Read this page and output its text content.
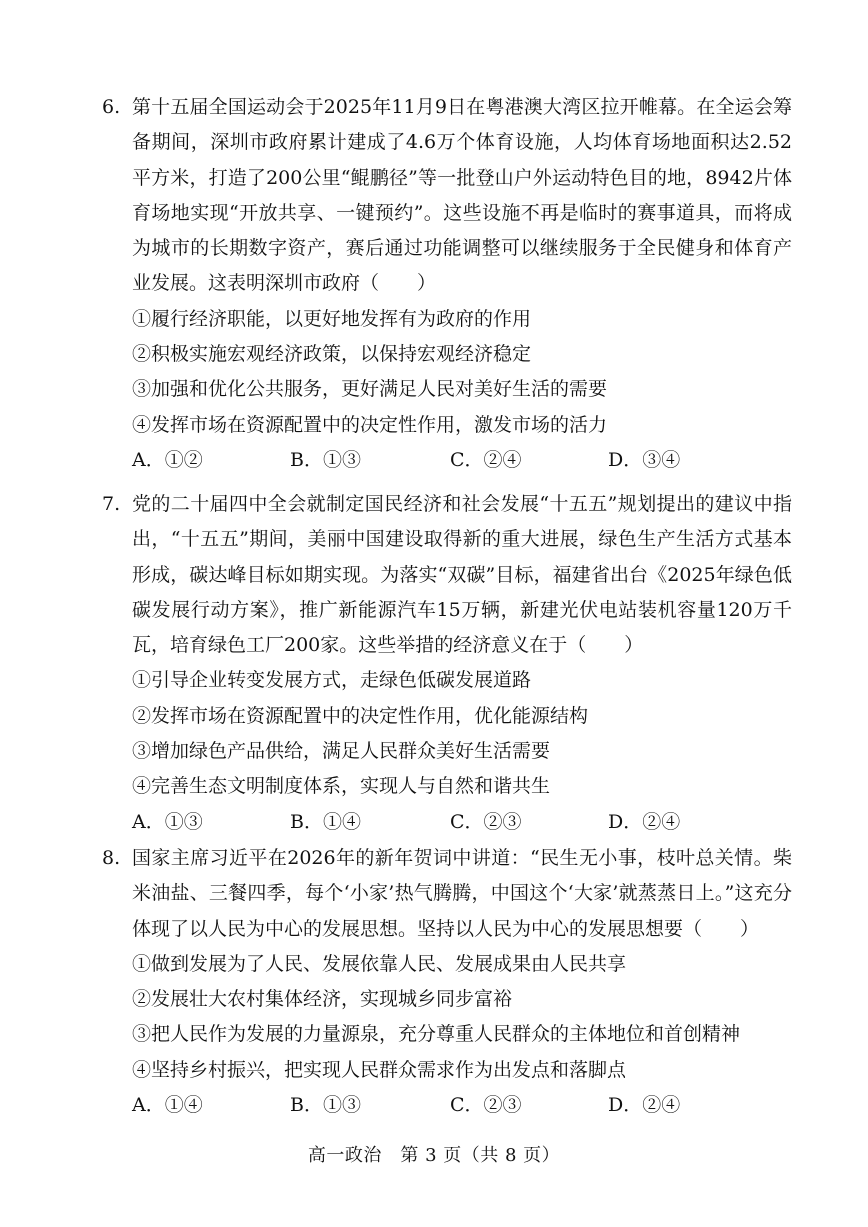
6. 第十五届全国运动会于2025年11月9日在粤港澳大湾区拉开帷幕。在全运会筹备期间，深圳市政府累计建成了4.6万个体育设施，人均体育场地面积达2.52平方米，打造了200公里“鲲鹏径”等一批登山户外运动特色目的地，8942片体育场地实现“开放共享、一键预约”。这些设施不再是临时的赛事道具，而将成为城市的长期数字资产，赛后通过功能调整可以继续服务于全民健身和体育产业发展。这表明深圳市政府（　　）

①履行经济职能，以更好地发挥有为政府的作用
②积极实施宏观经济政策，以保持宏观经济稳定
③加强和优化公共服务，更好满足人民对美好生活的需要
④发挥市场在资源配置中的决定性作用，激发市场的活力
A．①②	B．①③	C．②④	D．③④
7. 党的二十届四中全会就制定国民经济和社会发展“十五五”规划提出的建议中指出，“十五五”期间，美丽中国建设取得新的重大进展，绿色生产生活方式基本形成，碳达峰目标如期实现。为落实“双碳”目标，福建省出台《2025年绿色低碳发展行动方案》，推广新能源汽车15万辆，新建光伏电站装机容量120万千瓦，培育绿色工厂200家。这些举措的经济意义在于（　　）

①引导企业转变发展方式，走绿色低碳发展道路
②发挥市场在资源配置中的决定性作用，优化能源结构
③增加绿色产品供给，满足人民群众美好生活需要
④完善生态文明制度体系，实现人与自然和谐共生
A．①③	B．①④	C．②③	D．②④
8. 国家主席习近平在2026年的新年贺词中讲道：“民生无小事，枝叶总关情。柴米油盐、三餐四季，每个‘小家’热气腾腾，中国这个‘大家’就蒸蒸日上。”这充分体现了以人民为中心的发展思想。坚持以人民为中心的发展思想要（　　）

①做到发展为了人民、发展依靠人民、发展成果由人民共享
②发展壮大农村集体经济，实现城乡同步富裕
③把人民作为发展的力量源泉，充分尊重人民群众的主体地位和首创精神
④坚持乡村振兴，把实现人民群众需求作为出发点和落脚点
A．①④	B．①③	C．②③	D．②④
高一政治　第 3 页（共 8 页）
